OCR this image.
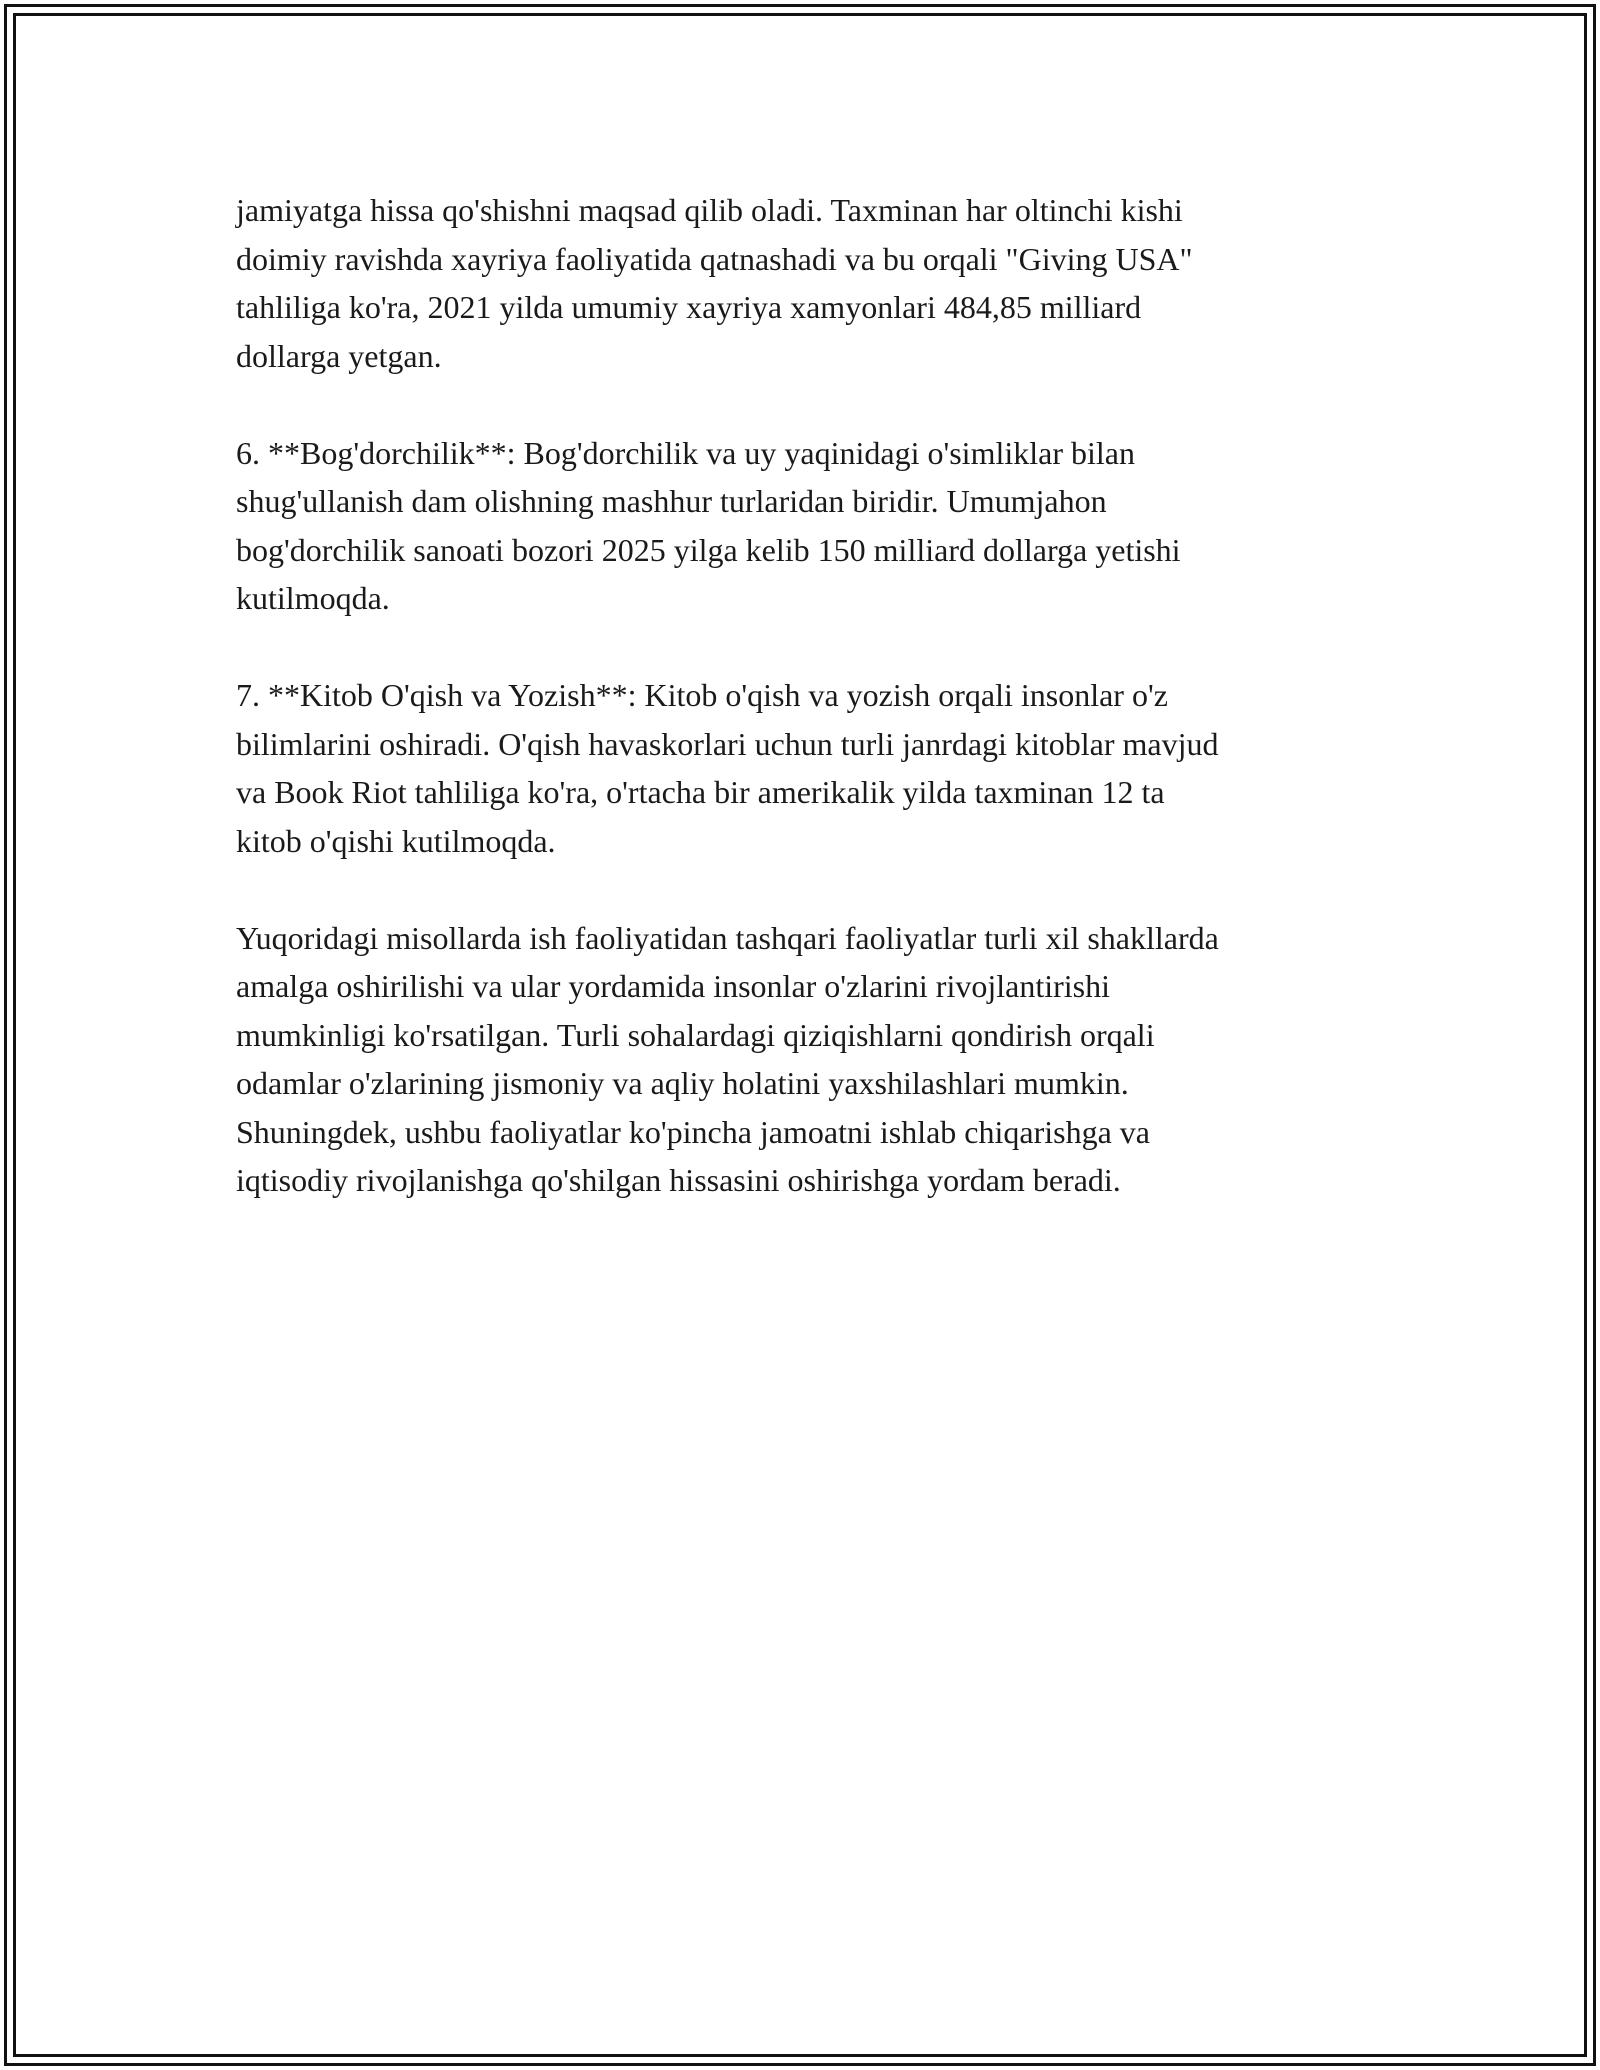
jamiyatga hissa qo'shishni maqsad qilib oladi. Taxminan har oltinchi kishi
doimiy ravishda xayriya faoliyatida qatnashadi va bu orqali "Giving USA"
tahliliga ko'ra, 2021 yilda umumiy xayriya xamyonlari 484,85 milliard
dollarga yetgan.

6. **Bog'dorchilik**: Bog'dorchilik va uy yaqinidagi o'simliklar bilan
shug'ullanish dam olishning mashhur turlaridan biridir. Umumjahon
bog'dorchilik sanoati bozori 2025 yilga kelib 150 milliard dollarga yetishi
kutilmoqda.

7. **Kitob O'qish va Yozish**: Kitob o'qish va yozish orqali insonlar o'z
bilimlarini oshiradi. O'qish havaskorlari uchun turli janrdagi kitoblar mavjud
va Book Riot tahliliga ko'ra, o'rtacha bir amerikalik yilda taxminan 12 ta
kitob o'qishi kutilmoqda.

Yuqoridagi misollarda ish faoliyatidan tashqari faoliyatlar turli xil shakllarda
amalga oshirilishi va ular yordamida insonlar o'zlarini rivojlantirishi
mumkinligi ko'rsatilgan. Turli sohalardagi qiziqishlarni qondirish orqali
odamlar o'zlarining jismoniy va aqliy holatini yaxshilashlari mumkin.
Shuningdek, ushbu faoliyatlar ko'pincha jamoatni ishlab chiqarishga va
iqtisodiy rivojlanishga qo'shilgan hissasini oshirishga yordam beradi.
